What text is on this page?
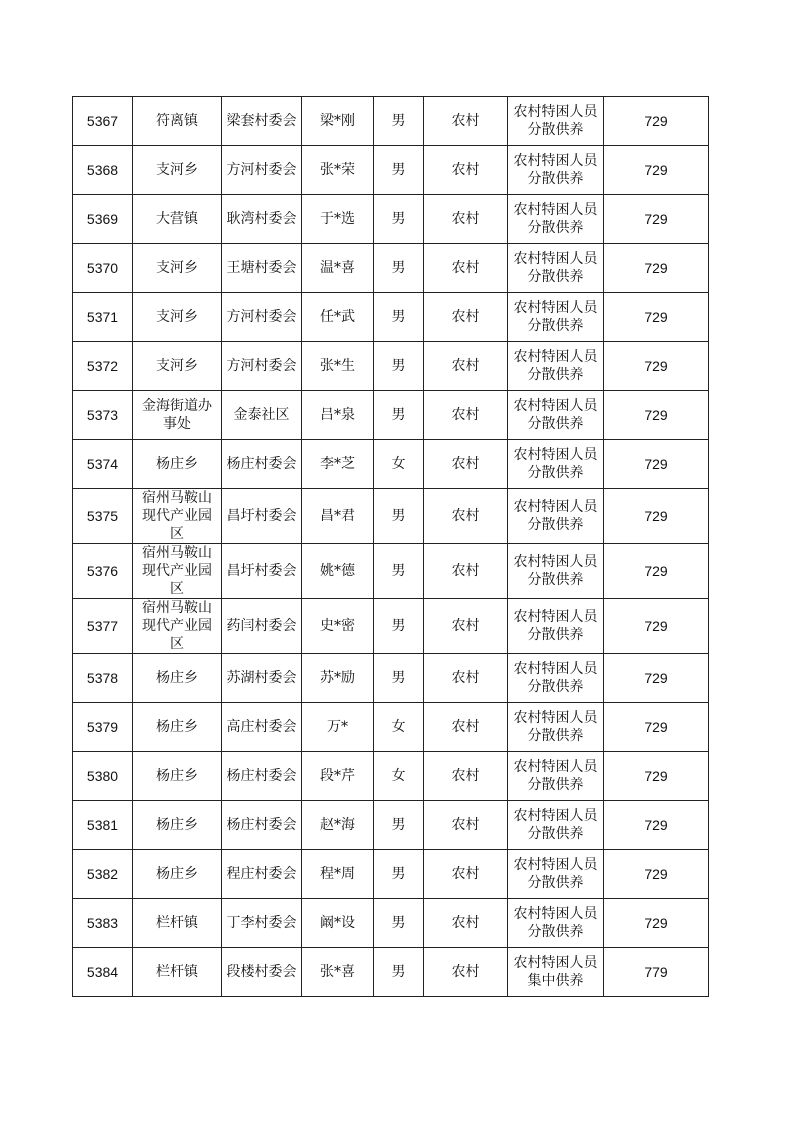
5367	符离镇	梁套村委会	梁*刚	男	农村	农村特困人员分散供养	729
5368	支河乡	方河村委会	张*荣	男	农村	农村特困人员分散供养	729
5369	大营镇	耿湾村委会	于*选	男	农村	农村特困人员分散供养	729
5370	支河乡	王塘村委会	温*喜	男	农村	农村特困人员分散供养	729
5371	支河乡	方河村委会	任*武	男	农村	农村特困人员分散供养	729
5372	支河乡	方河村委会	张*生	男	农村	农村特困人员分散供养	729
5373	金海街道办事处	金泰社区	吕*泉	男	农村	农村特困人员分散供养	729
5374	杨庄乡	杨庄村委会	李*芝	女	农村	农村特困人员分散供养	729
5375	宿州马鞍山现代产业园区	昌圩村委会	昌*君	男	农村	农村特困人员分散供养	729
5376	宿州马鞍山现代产业园区	昌圩村委会	姚*德	男	农村	农村特困人员分散供养	729
5377	宿州马鞍山现代产业园区	药闫村委会	史*密	男	农村	农村特困人员分散供养	729
5378	杨庄乡	苏湖村委会	苏*励	男	农村	农村特困人员分散供养	729
5379	杨庄乡	高庄村委会	万*	女	农村	农村特困人员分散供养	729
5380	杨庄乡	杨庄村委会	段*芹	女	农村	农村特困人员分散供养	729
5381	杨庄乡	杨庄村委会	赵*海	男	农村	农村特困人员分散供养	729
5382	杨庄乡	程庄村委会	程*周	男	农村	农村特困人员分散供养	729
5383	栏杆镇	丁李村委会	阚*设	男	农村	农村特困人员分散供养	729
5384	栏杆镇	段楼村委会	张*喜	男	农村	农村特困人员集中供养	779
